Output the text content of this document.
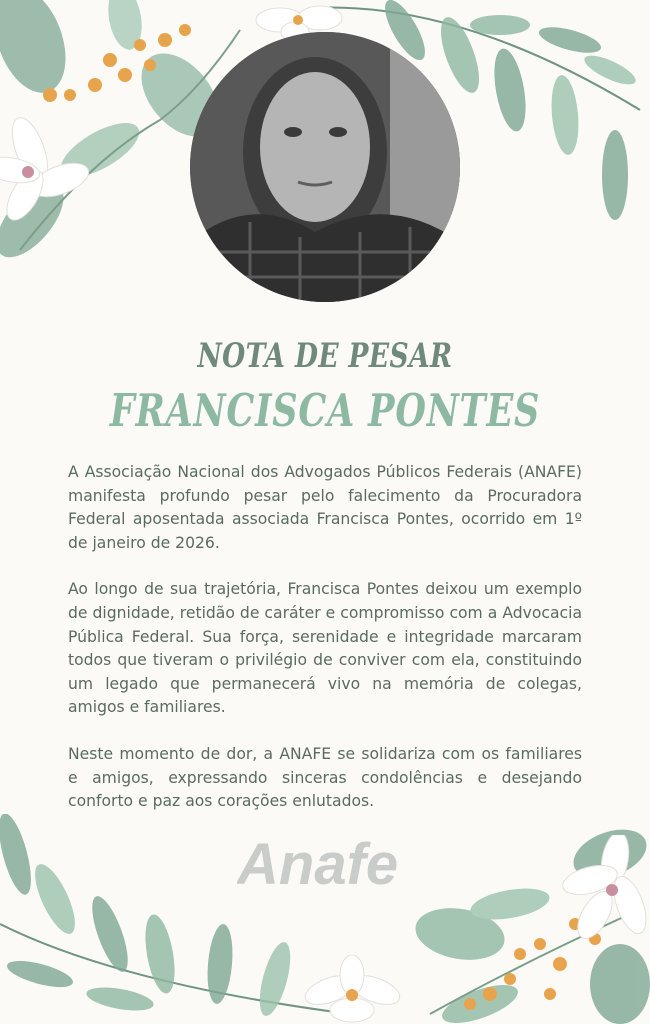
NOTA DE PESAR
FRANCISCA PONTES

A Associação Nacional dos Advogados Públicos Federais (ANAFE) manifesta profundo pesar pelo falecimento da Procuradora Federal aposentada associada Francisca Pontes, ocorrido em 1º de janeiro de 2026.

Ao longo de sua trajetória, Francisca Pontes deixou um exemplo de dignidade, retidão de caráter e compromisso com a Advocacia Pública Federal. Sua força, serenidade e integridade marcaram todos que tiveram o privilégio de conviver com ela, constituindo um legado que permanecerá vivo na memória de colegas, amigos e familiares.

Neste momento de dor, a ANAFE se solidariza com os familiares e amigos, expressando sinceras condolências e desejando conforto e paz aos corações enlutados.

Anafe
